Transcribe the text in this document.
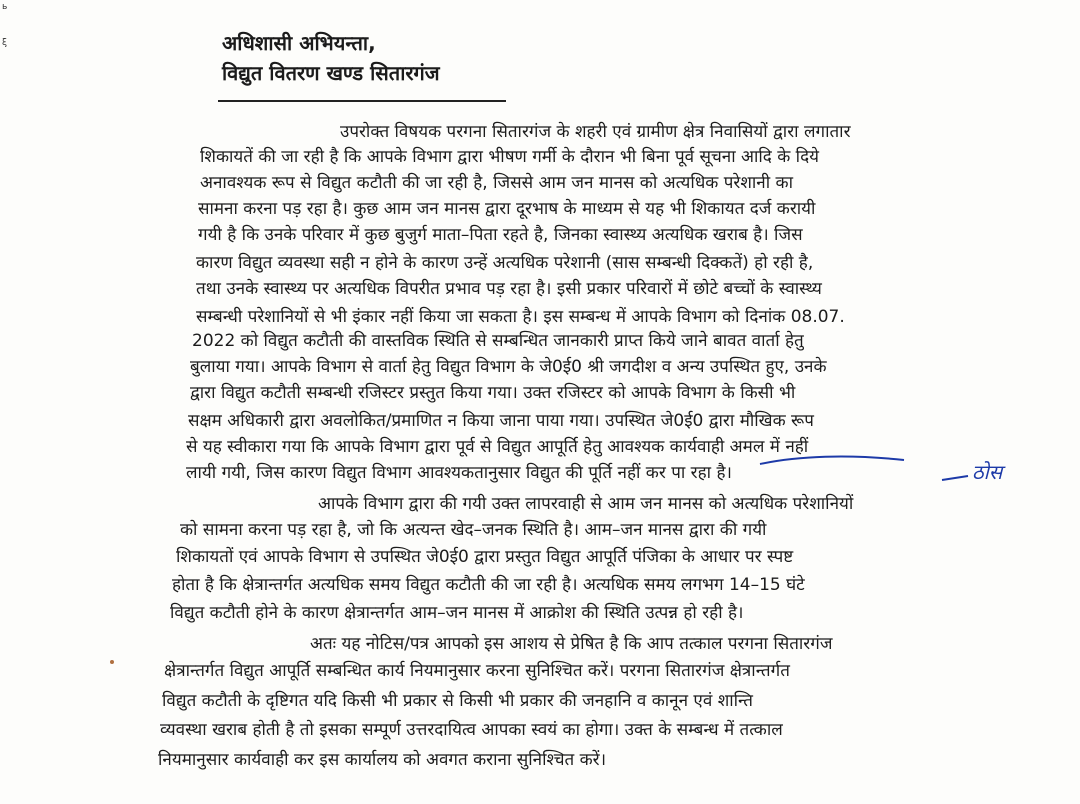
ь
ξ	अधिशासी अभियन्ता,
विद्युत वितरण खण्ड सितारगंज
उपरोक्त विषयक परगना सितारगंज के शहरी एवं ग्रामीण क्षेत्र निवासियों द्वारा लगातार
शिकायतें की जा रही है कि आपके विभाग द्वारा भीषण गर्मी के दौरान भी बिना पूर्व सूचना आदि के दिये
अनावश्यक रूप से विद्युत कटौती की जा रही है, जिससे आम जन मानस को अत्यधिक परेशानी का
सामना करना पड़ रहा है। कुछ आम जन मानस द्वारा दूरभाष के माध्यम से यह भी शिकायत दर्ज करायी
गयी है कि उनके परिवार में कुछ बुजुर्ग माता–पिता रहते है, जिनका स्वास्थ्य अत्यधिक खराब है। जिस
कारण विद्युत व्यवस्था सही न होने के कारण उन्हें अत्यधिक परेशानी (सास सम्बन्धी दिक्कतें) हो रही है,
तथा उनके स्वास्थ्य पर अत्यधिक विपरीत प्रभाव पड़ रहा है। इसी प्रकार परिवारों में छोटे बच्चों के स्वास्थ्य
सम्बन्धी परेशानियों से भी इंकार नहीं किया जा सकता है। इस सम्बन्ध में आपके विभाग को दिनांक 08.07.
2022 को विद्युत कटौती की वास्तविक स्थिति से सम्बन्धित जानकारी प्राप्त किये जाने बावत वार्ता हेतु
बुलाया गया। आपके विभाग से वार्ता हेतु विद्युत विभाग के जे0ई0 श्री जगदीश व अन्य उपस्थित हुए, उनके
द्वारा विद्युत कटौती सम्बन्धी रजिस्टर प्रस्तुत किया गया। उक्त रजिस्टर को आपके विभाग के किसी भी
सक्षम अधिकारी द्वारा अवलोकित/प्रमाणित न किया जाना पाया गया। उपस्थित जे0ई0 द्वारा मौखिक रूप
से यह स्वीकारा गया कि आपके विभाग द्वारा पूर्व से विद्युत आपूर्ति हेतु आवश्यक कार्यवाही अमल में नहीं
लायी गयी, जिस कारण विद्युत विभाग आवश्यकतानुसार विद्युत की पूर्ति नहीं कर पा रहा है।	ठोस
आपके विभाग द्वारा की गयी उक्त लापरवाही से आम जन मानस को अत्यधिक परेशानियों
को सामना करना पड़ रहा है, जो कि अत्यन्त खेद–जनक स्थिति है। आम–जन मानस द्वारा की गयी
शिकायतों एवं आपके विभाग से उपस्थित जे0ई0 द्वारा प्रस्तुत विद्युत आपूर्ति पंजिका के आधार पर स्पष्ट
होता है कि क्षेत्रान्तर्गत अत्यधिक समय विद्युत कटौती की जा रही है। अत्यधिक समय लगभग 14–15 घंटे
विद्युत कटौती होने के कारण क्षेत्रान्तर्गत आम–जन मानस में आक्रोश की स्थिति उत्पन्न हो रही है।
अतः यह नोटिस/पत्र आपको इस आशय से प्रेषित है कि आप तत्काल परगना सितारगंज
क्षेत्रान्तर्गत विद्युत आपूर्ति सम्बन्धित कार्य नियमानुसार करना सुनिश्चित करें। परगना सितारगंज क्षेत्रान्तर्गत
विद्युत कटौती के दृष्टिगत यदि किसी भी प्रकार से किसी भी प्रकार की जनहानि व कानून एवं शान्ति
व्यवस्था खराब होती है तो इसका सम्पूर्ण उत्तरदायित्व आपका स्वयं का होगा। उक्त के सम्बन्ध में तत्काल
नियमानुसार कार्यवाही कर इस कार्यालय को अवगत कराना सुनिश्चित करें।
